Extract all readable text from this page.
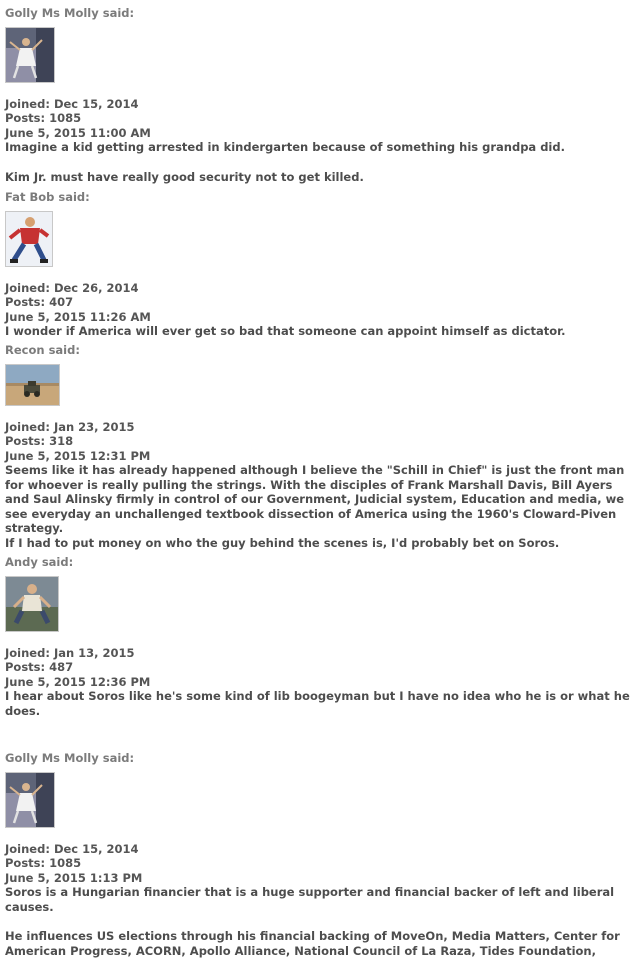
Golly Ms Molly said:
Joined: Dec 15, 2014
Posts: 1085
June 5, 2015 11:00 AM

Imagine a kid getting arrested in kindergarten because of something his grandpa did.

Kim Jr. must have really good security not to get killed.

Fat Bob said:
Joined: Dec 26, 2014
Posts: 407
June 5, 2015 11:26 AM

I wonder if America will ever get so bad that someone can appoint himself as dictator.

Recon said:
Joined: Jan 23, 2015
Posts: 318
June 5, 2015 12:31 PM

Seems like it has already happened although I believe the "Schill in Chief" is just the front man for whoever is really pulling the strings. With the disciples of Frank Marshall Davis, Bill Ayers and Saul Alinsky firmly in control of our Government, Judicial system, Education and media, we see everyday an unchallenged textbook dissection of America using the 1960's Cloward-Piven strategy.

If I had to put money on who the guy behind the scenes is, I'd probably bet on Soros.

Andy said:
Joined: Jan 13, 2015
Posts: 487
June 5, 2015 12:36 PM

I hear about Soros like he's some kind of lib boogeyman but I have no idea who he is or what he does.

Golly Ms Molly said:
Joined: Dec 15, 2014
Posts: 1085
June 5, 2015 1:13 PM

Soros is a Hungarian financier that is a huge supporter and financial backer of left and liberal causes.

He influences US elections through his financial backing of MoveOn, Media Matters, Center for American Progress, ACORN, Apollo Alliance, National Council of La Raza, Tides Foundation,
